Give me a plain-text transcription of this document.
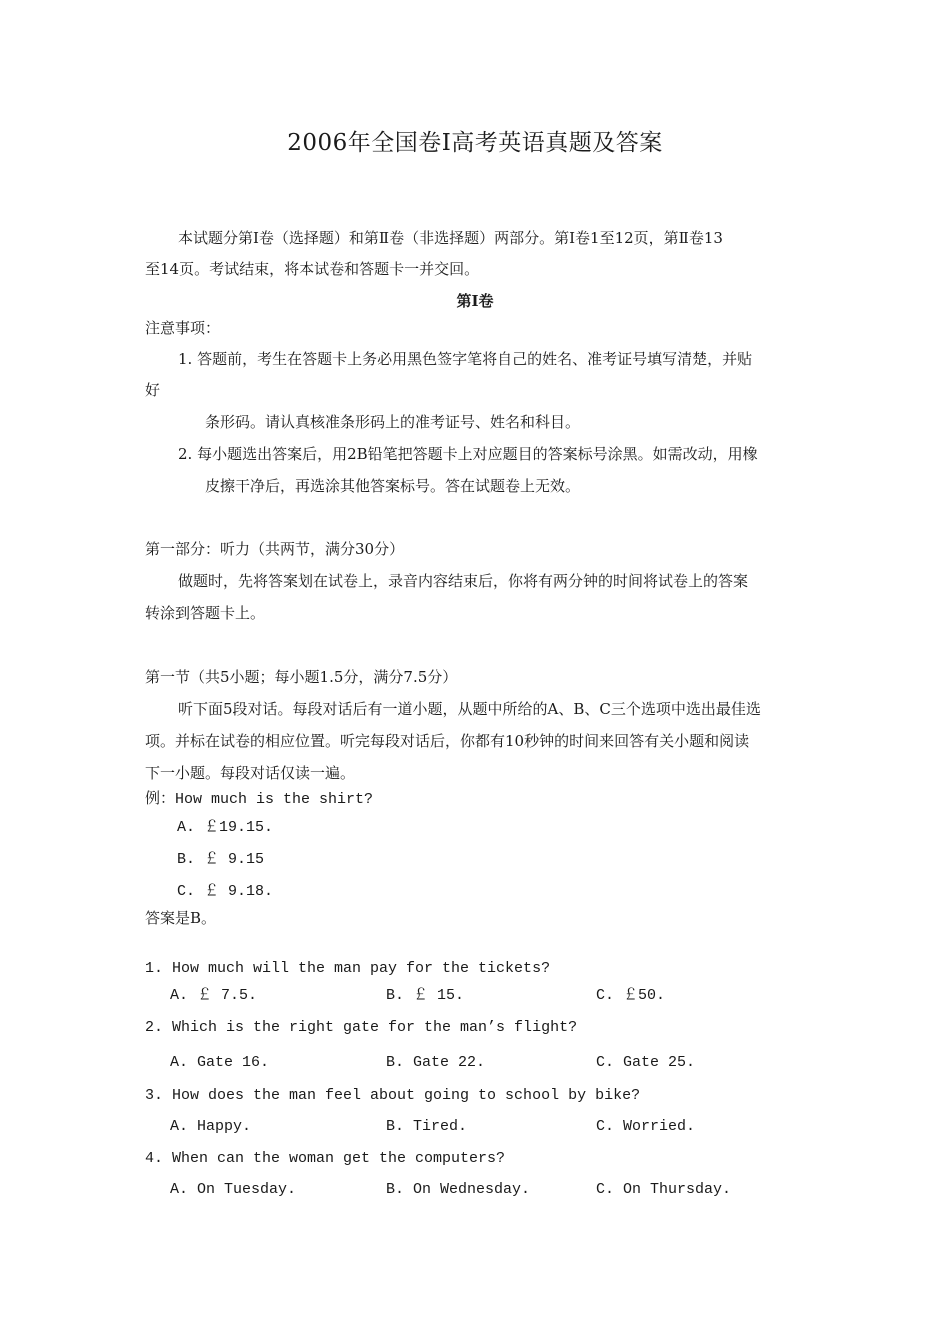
2006年全国卷Ⅰ高考英语真题及答案
本试题分第Ⅰ卷（选择题）和第Ⅱ卷（非选择题）两部分。第Ⅰ卷1至12页，第Ⅱ卷13
至14页。考试结束，将本试卷和答题卡一并交回。
第Ⅰ卷
注意事项：
1. 答题前，考生在答题卡上务必用黑色签字笔将自己的姓名、准考证号填写清楚，并贴
好
条形码。请认真核准条形码上的准考证号、姓名和科目。
2. 每小题选出答案后，用2B铅笔把答题卡上对应题目的答案标号涂黑。如需改动，用橡
皮擦干净后，再选涂其他答案标号。答在试题卷上无效。
第一部分：听力（共两节，满分30分）
做题时，先将答案划在试卷上，录音内容结束后，你将有两分钟的时间将试卷上的答案
转涂到答题卡上。
第一节（共5小题；每小题1.5分，满分7.5分）
听下面5段对话。每段对话后有一道小题，从题中所给的A、B、C三个选项中选出最佳选
项。并标在试卷的相应位置。听完每段对话后，你都有10秒钟的时间来回答有关小题和阅读
下一小题。每段对话仅读一遍。
例：How much is the shirt?
A. ￡19.15.
B. ￡ 9.15
C. ￡ 9.18.
答案是B。
1. How much will the man pay for the tickets?
A. ￡ 7.5.	B. ￡ 15.	C. ￡50.
2. Which is the right gate for the man’s flight?
A. Gate 16.	B. Gate 22.	C. Gate 25.
3. How does the man feel about going to school by bike?
A. Happy.	B. Tired.	C. Worried.
4. When can the woman get the computers?
A. On Tuesday.	B. On Wednesday.	C. On Thursday.
